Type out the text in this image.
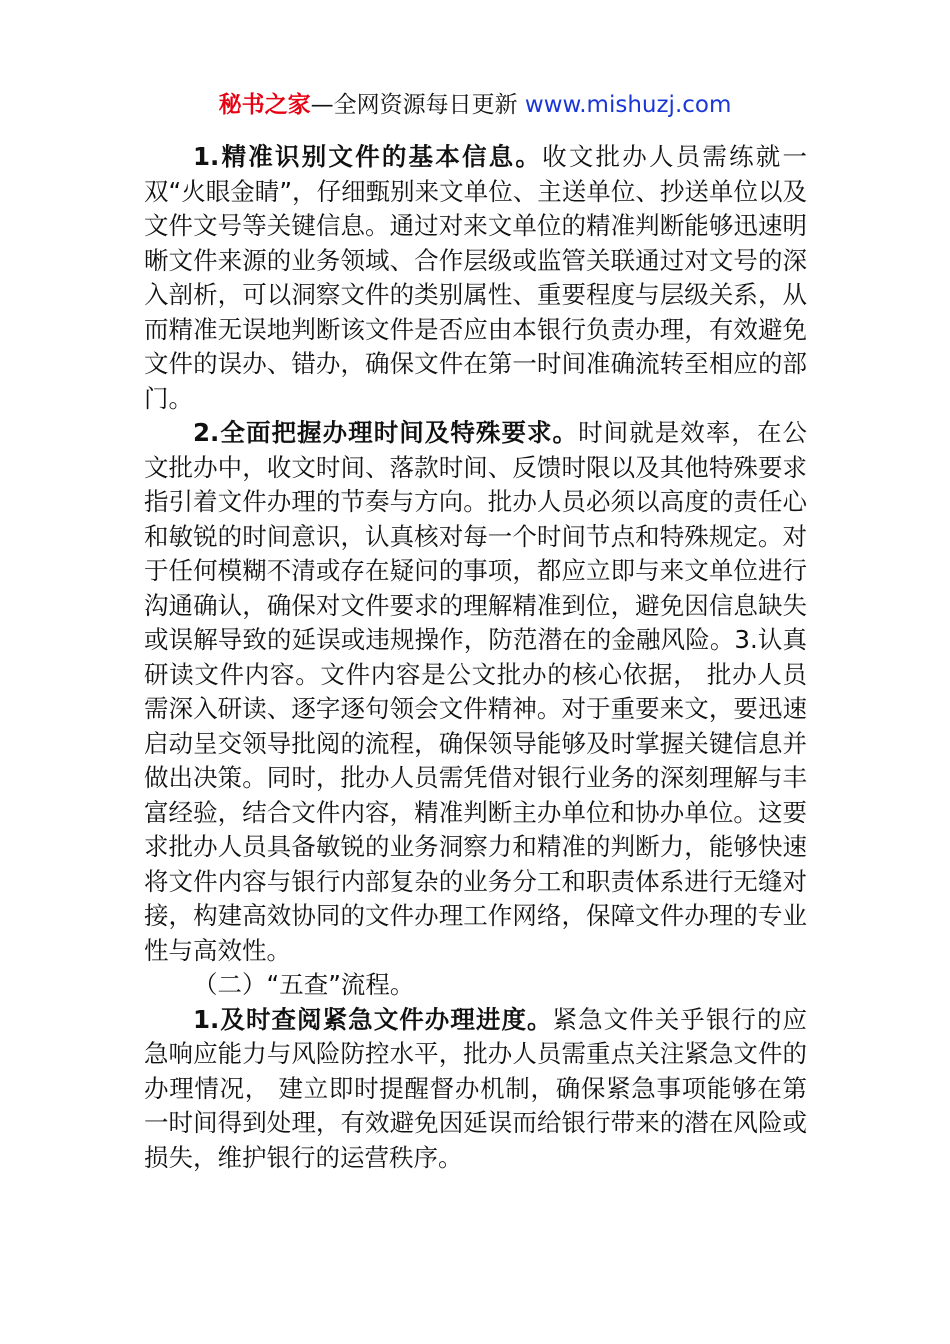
秘书之家—全网资源每日更新 www.mishuzj.com

1.精准识别文件的基本信息。收文批办人员需练就一双“火眼金睛”，仔细甄别来文单位、主送单位、抄送单位以及文件文号等关键信息。通过对来文单位的精准判断能够迅速明晰文件来源的业务领域、合作层级或监管关联通过对文号的深入剖析，可以洞察文件的类别属性、重要程度与层级关系，从而精准无误地判断该文件是否应由本银行负责办理，有效避免文件的误办、错办，确保文件在第一时间准确流转至相应的部门。

2.全面把握办理时间及特殊要求。时间就是效率，在公文批办中，收文时间、落款时间、反馈时限以及其他特殊要求指引着文件办理的节奏与方向。批办人员必须以高度的责任心和敏锐的时间意识，认真核对每一个时间节点和特殊规定。对于任何模糊不清或存在疑问的事项，都应立即与来文单位进行沟通确认，确保对文件要求的理解精准到位，避免因信息缺失或误解导致的延误或违规操作，防范潜在的金融风险。3.认真研读文件内容。文件内容是公文批办的核心依据， 批办人员需深入研读、逐字逐句领会文件精神。对于重要来文，要迅速启动呈交领导批阅的流程，确保领导能够及时掌握关键信息并做出决策。同时，批办人员需凭借对银行业务的深刻理解与丰富经验，结合文件内容，精准判断主办单位和协办单位。这要求批办人员具备敏锐的业务洞察力和精准的判断力，能够快速将文件内容与银行内部复杂的业务分工和职责体系进行无缝对接，构建高效协同的文件办理工作网络，保障文件办理的专业性与高效性。

（二）“五查”流程。

1.及时查阅紧急文件办理进度。紧急文件关乎银行的应急响应能力与风险防控水平，批办人员需重点关注紧急文件的办理情况， 建立即时提醒督办机制，确保紧急事项能够在第一时间得到处理，有效避免因延误而给银行带来的潜在风险或损失，维护银行的运营秩序。
